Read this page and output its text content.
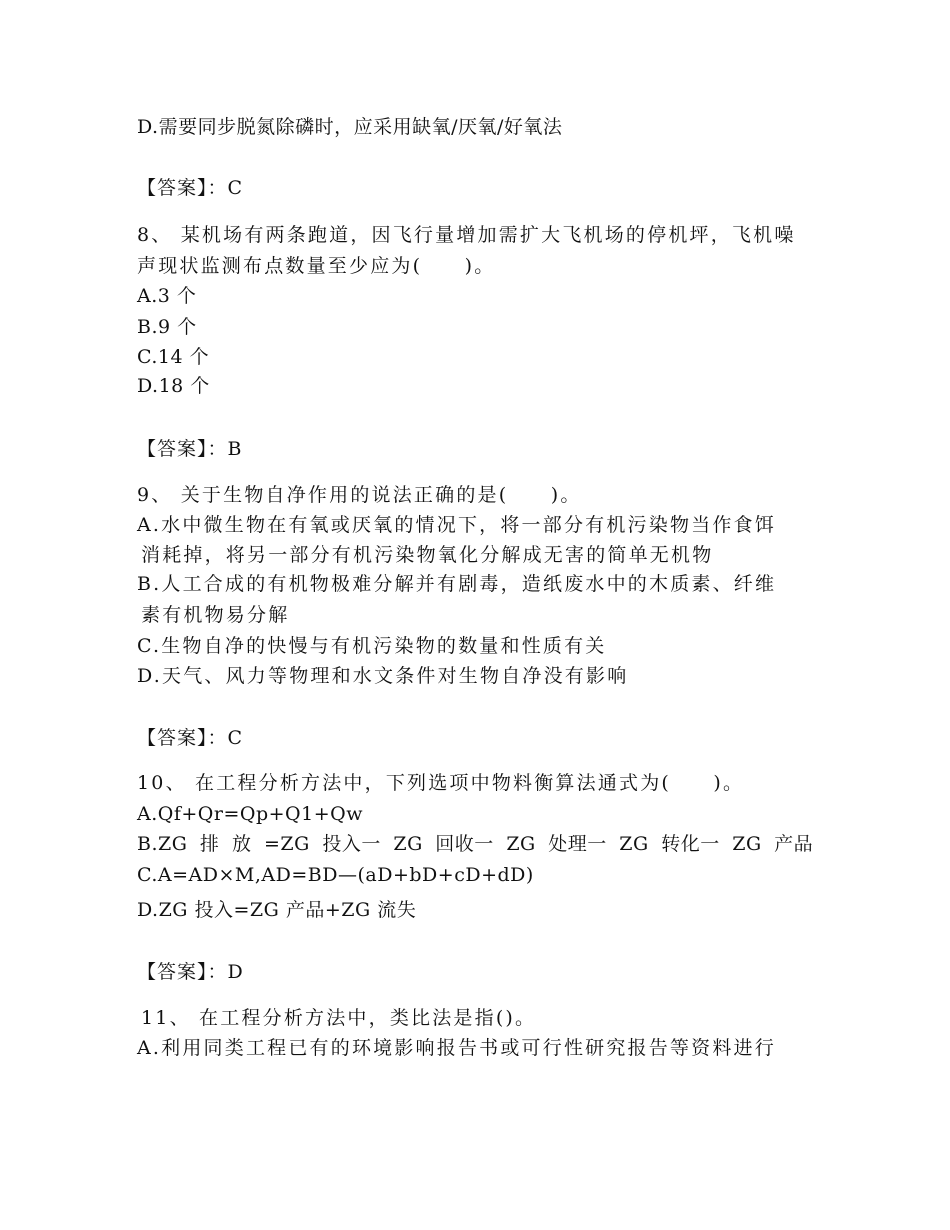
D.需要同步脱氮除磷时，应采用缺氧/厌氧/好氧法
【答案】：C
8、 某机场有两条跑道，因飞行量增加需扩大飞机场的停机坪，飞机噪
声现状监测布点数量至少应为(　　)。
A.3 个
B.9 个
C.14 个
D.18 个
【答案】：B
9、 关于生物自净作用的说法正确的是(　　)。
A.水中微生物在有氧或厌氧的情况下，将一部分有机污染物当作食饵
消耗掉，将另一部分有机污染物氧化分解成无害的简单无机物
B.人工合成的有机物极难分解并有剧毒，造纸废水中的木质素、纤维
素有机物易分解
C.生物自净的快慢与有机污染物的数量和性质有关
D.天气、风力等物理和水文条件对生物自净没有影响
【答案】：C
10、 在工程分析方法中，下列选项中物料衡算法通式为(　　)。
A.Qf+Qr=Qp+Q1+Qw
B.ZG 排 放 =ZG 投入一 ZG 回收一 ZG 处理一 ZG 转化一 ZG 产品
C.A=AD×M,AD=BD—(aD+bD+cD+dD)
D.ZG 投入=ZG 产品+ZG 流失
【答案】：D
11、 在工程分析方法中，类比法是指()。
A.利用同类工程已有的环境影响报告书或可行性研究报告等资料进行
